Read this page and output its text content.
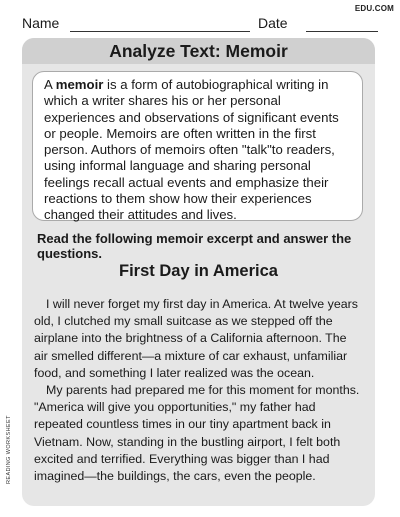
EDU.COM
Name	Date
Analyze Text: Memoir
A memoir is a form of autobiographical writing in which a writer shares his or her personal experiences and observations of significant events or people. Memoirs are often written in the first person. Authors of memoirs often "talk"to readers, using informal language and sharing personal feelings recall actual events and emphasize their reactions to them show how their experiences changed their attitudes and lives.
Read the following memoir excerpt and answer the questions.
First Day in America

I will never forget my first day in America. At twelve years old, I clutched my small suitcase as we stepped off the airplane into the brightness of a California afternoon. The air smelled different—a mixture of car exhaust, unfamiliar food, and something I later realized was the ocean.

My parents had prepared me for this moment for months. "America will give you opportunities," my father had repeated countless times in our tiny apartment back in Vietnam. Now, standing in the bustling airport, I felt both excited and terrified. Everything was bigger than I had imagined—the buildings, the cars, even the people.

READING WORKSHEET
